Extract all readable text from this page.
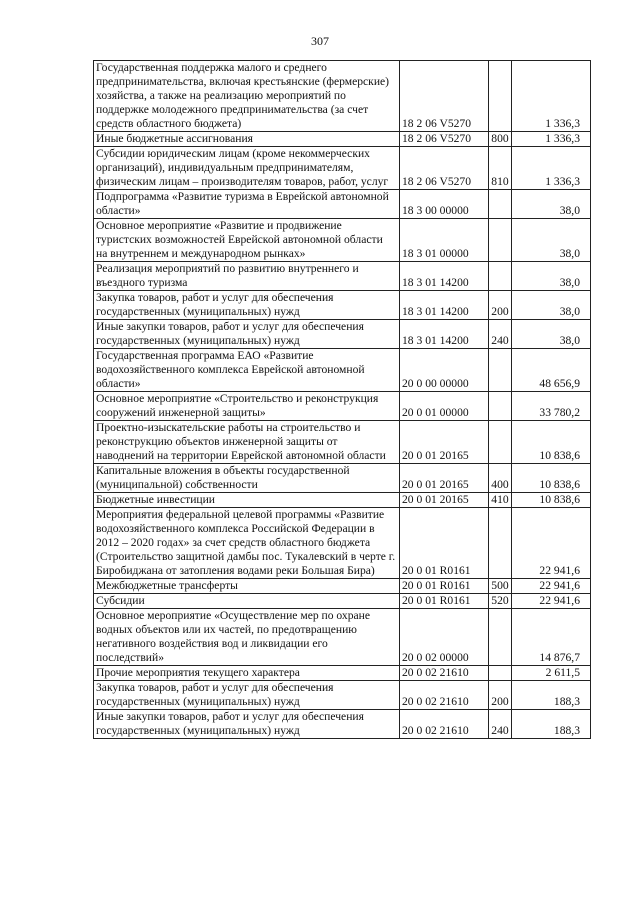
307
Государственная поддержка малого и среднего предпринимательства, включая крестьянские (фермерские) хозяйства, а также на реализацию мероприятий по поддержке молодежного предпринимательства (за счет средств областного бюджета)	18 2 06 V5270		1 336,3
Иные бюджетные ассигнования	18 2 06 V5270	800	1 336,3
Субсидии юридическим лицам (кроме некоммерческих организаций), индивидуальным предпринимателям, физическим лицам – производителям товаров, работ, услуг	18 2 06 V5270	810	1 336,3
Подпрограмма «Развитие туризма в Еврейской автономной области»	18 3 00 00000		38,0
Основное мероприятие «Развитие и продвижение туристских возможностей Еврейской автономной области на внутреннем и международном рынках»	18 3 01 00000		38,0
Реализация мероприятий по развитию внутреннего и въездного туризма	18 3 01 14200		38,0
Закупка товаров, работ и услуг для обеспечения государственных (муниципальных) нужд	18 3 01 14200	200	38,0
Иные закупки товаров, работ и услуг для обеспечения государственных (муниципальных) нужд	18 3 01 14200	240	38,0
Государственная программа ЕАО «Развитие водохозяйственного комплекса Еврейской автономной области»	20 0 00 00000		48 656,9
Основное мероприятие «Строительство и реконструкция сооружений инженерной защиты»	20 0 01 00000		33 780,2
Проектно-изыскательские работы на строительство и реконструкцию объектов инженерной защиты от наводнений на территории Еврейской автономной области	20 0 01 20165		10 838,6
Капитальные вложения в объекты государственной (муниципальной) собственности	20 0 01 20165	400	10 838,6
Бюджетные инвестиции	20 0 01 20165	410	10 838,6
Мероприятия федеральной целевой программы «Развитие водохозяйственного комплекса Российской Федерации в 2012 – 2020 годах» за счет средств областного бюджета (Строительство защитной дамбы пос. Тукалевский в черте г. Биробиджана от затопления водами реки Большая Бира)	20 0 01 R0161		22 941,6
Межбюджетные трансферты	20 0 01 R0161	500	22 941,6
Субсидии	20 0 01 R0161	520	22 941,6
Основное мероприятие «Осуществление мер по охране водных объектов или их частей, по предотвращению негативного воздействия вод и ликвидации его последствий»	20 0 02 00000		14 876,7
Прочие мероприятия текущего характера	20 0 02 21610		2 611,5
Закупка товаров, работ и услуг для обеспечения государственных (муниципальных) нужд	20 0 02 21610	200	188,3
Иные закупки товаров, работ и услуг для обеспечения государственных (муниципальных) нужд	20 0 02 21610	240	188,3
